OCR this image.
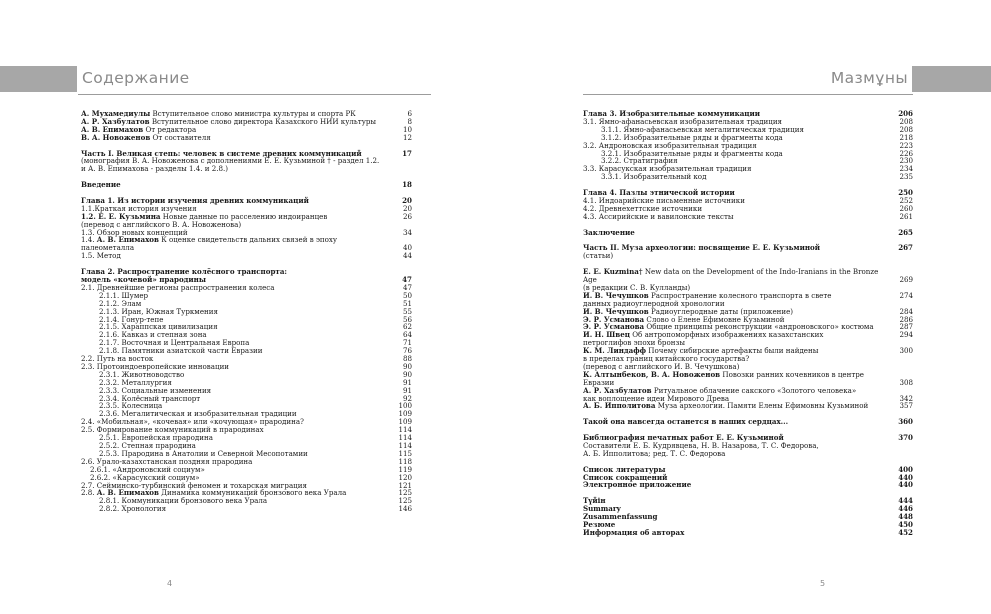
Содержание	Мазмұны
А. Мухамедиулы Вступительное слово министра культуры и спорта РК	6
А. Р. Хазбулатов Вступительное слово директора Казахского НИИ культуры	8
А. В. Епимахов От редактора	10
В. А. Новоженов От составителя	12
Часть I. Великая степь: человек в системе древних коммуникаций	17
(монография В. А. Новоженова с дополнениями Е. Е. Кузьминой † - раздел 1.2.
и А. В. Епимахова - разделы 1.4. и 2.8.)
Введение	18
Глава 1. Из истории изучения древних коммуникаций	20
1.1.Краткая история изучения	20
1.2. Е. Е. Кузьмина Новые данные по расселению индоиранцев	26
(перевод с английского В. А. Новоженова)
1.3. Обзор новых концепций	34
1.4. А. В. Епимахов К оценке свидетельств дальних связей в эпоху палеометалла	40
1.5. Метод	44
Глава 2. Распространение колёсного транспорта:
модель «кочевой» прародины	47
2.1. Древнейшие регионы распространения колеса	47
2.1.1. Шумер	50
2.1.2. Элам	51
2.1.3. Иран, Южная Туркмения	55
2.1.4. Гонур-тепе	56
2.1.5. Хараппская цивилизация	62
2.1.6. Кавказ и степная зона	64
2.1.7. Восточная и Центральная Европа	71
2.1.8. Памятники азиатской части Евразии	76
2.2. Путь на восток	88
2.3. Протоиндоевропейские инновации	90
2.3.1. Животноводство	90
2.3.2. Металлургия	91
2.3.3. Социальные изменения	91
2.3.4. Колёсный транспорт	92
2.3.5. Колесница	100
2.3.6. Мегалитическая и изобразительная традиции	109
2.4. «Мобильная», «кочевая» или «кочующая» прародина?	109
2.5. Формирование коммуникаций в прародинах	114
2.5.1. Европейская прародина	114
2.5.2. Степная прародина	114
2.5.3. Прародина в Анатолии и Северной Месопотамии	115
2.6. Урало-казахстанская поздняя прародина	118
2.6.1. «Андроновский социум»	119
2.6.2. «Карасукский социум»	120
2.7. Сейминско-турбинский феномен и тохарская миграция	121
2.8. А. В. Епимахов Динамика коммуникаций бронзового века Урала	125
2.8.1. Коммуникации бронзового века Урала	125
2.8.2. Хронология	146
Глава 3. Изобразительные коммуникации	206
3.1. Ямно-афанасьевская изобразительная традиция	208
3.1.1. Ямно-афанасьевская мегалитическая традиция	208
3.1.2. Изобразительные ряды и фрагменты кода	218
3.2. Андроновская изобразительная традиция	223
3.2.1. Изобразительные ряды и фрагменты кода	226
3.2.2. Стратиграфия	230
3.3. Карасукская изобразительная традиция	234
3.3.1. Изобразительный код	235
Глава 4. Пазлы этнической истории	250
4.1. Индоарийские письменные источники	252
4.2. Древнехеттские источники	260
4.3. Ассирийские и вавилонские тексты	261
Заключение	265
Часть II. Муза археологии: посвящение Е. Е. Кузьминой	267
(статьи)
Е. Е. Kuzmina† New data on the Development of the Indo-Iranians in the Bronze Age	269
(в редакции С. В. Кулланды)
И. В. Чечушков Распространение колесного транспорта в свете	274
данных радиоуглеродной хронологии
И. В. Чечушков Радиоуглеродные даты (приложение)	284
Э. Р. Усманова Слово о Елене Ефимовне Кузьминой	286
Э. Р. Усманова Общие принципы реконструкции «андроновского» костюма	287
И. Н. Швец Об антропоморфных изображениях казахстанских	294
петроглифов эпохи бронзы
К. М. Линдафф Почему сибирские артефакты были найдены	300
в пределах границ китайского государства?
(перевод с английского И. В. Чечушкова)
К. Алтынбеков, В. А. Новоженов Повозки ранних кочевников в центре Евразии	308
А. Р. Хазбулатов Ритуальное облачение сакского «Золотого человека»
как воплощение идеи Мирового Древа	342
А. Б. Ипполитова Муза археологии. Памяти Елены Ефимовны Кузьминой	357
Такой она навсегда останется в наших сердцах...	360
Библиография печатных работ Е. Е. Кузьминой	370
Составители Е. Б. Кудрявцева, Н. В. Назарова, Т. С. Федорова,
А. Б. Ипполитова; ред. Т. С. Федорова
Список литературы	400
Список сокращений	440
Электронное приложение	440
Түйін	444
Summary	446
Zusammenfassung	448
Резюме	450
Информация об авторах	452
4	5
